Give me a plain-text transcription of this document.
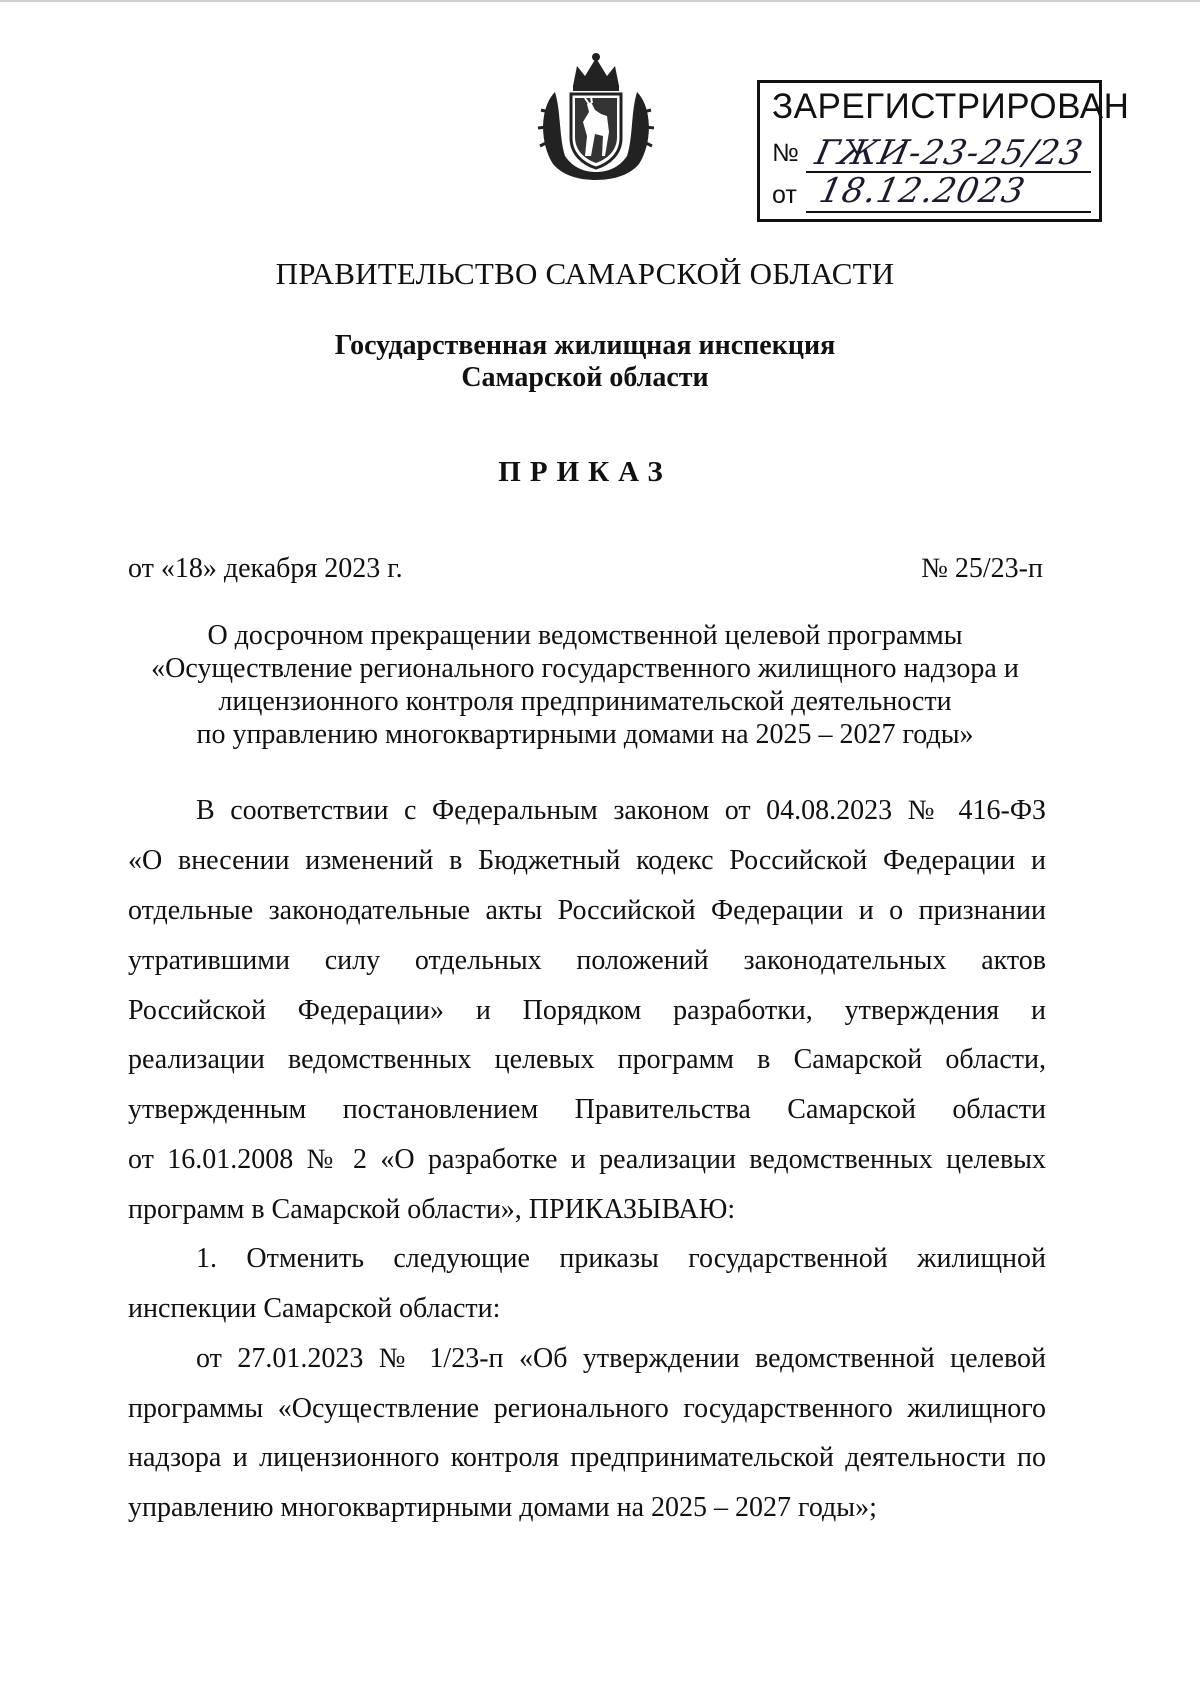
ЗАРЕГИСТРИРОВАН
№ ГЖИ-23-25/23
от 18.12.2023
ПРАВИТЕЛЬСТВО САМАРСКОЙ ОБЛАСТИ
Государственная жилищная инспекция
Самарской области
ПРИКАЗ
от «18» декабря 2023 г.	№ 25/23-п
О досрочном прекращении ведомственной целевой программы
«Осуществление регионального государственного жилищного надзора и
лицензионного контроля предпринимательской деятельности
по управлению многоквартирными домами на 2025 – 2027 годы»
В соответствии с Федеральным законом от 04.08.2023 № 416-ФЗ
«О внесении изменений в Бюджетный кодекс Российской Федерации и
отдельные законодательные акты Российской Федерации и о признании
утратившими силу отдельных положений законодательных актов
Российской Федерации» и Порядком разработки, утверждения и
реализации ведомственных целевых программ в Самарской области,
утвержденным постановлением Правительства Самарской области
от 16.01.2008 № 2 «О разработке и реализации ведомственных целевых
программ в Самарской области», ПРИКАЗЫВАЮ:
1. Отменить следующие приказы государственной жилищной
инспекции Самарской области:
от 27.01.2023 № 1/23-п «Об утверждении ведомственной целевой
программы «Осуществление регионального государственного жилищного
надзора и лицензионного контроля предпринимательской деятельности по
управлению многоквартирными домами на 2025 – 2027 годы»;
